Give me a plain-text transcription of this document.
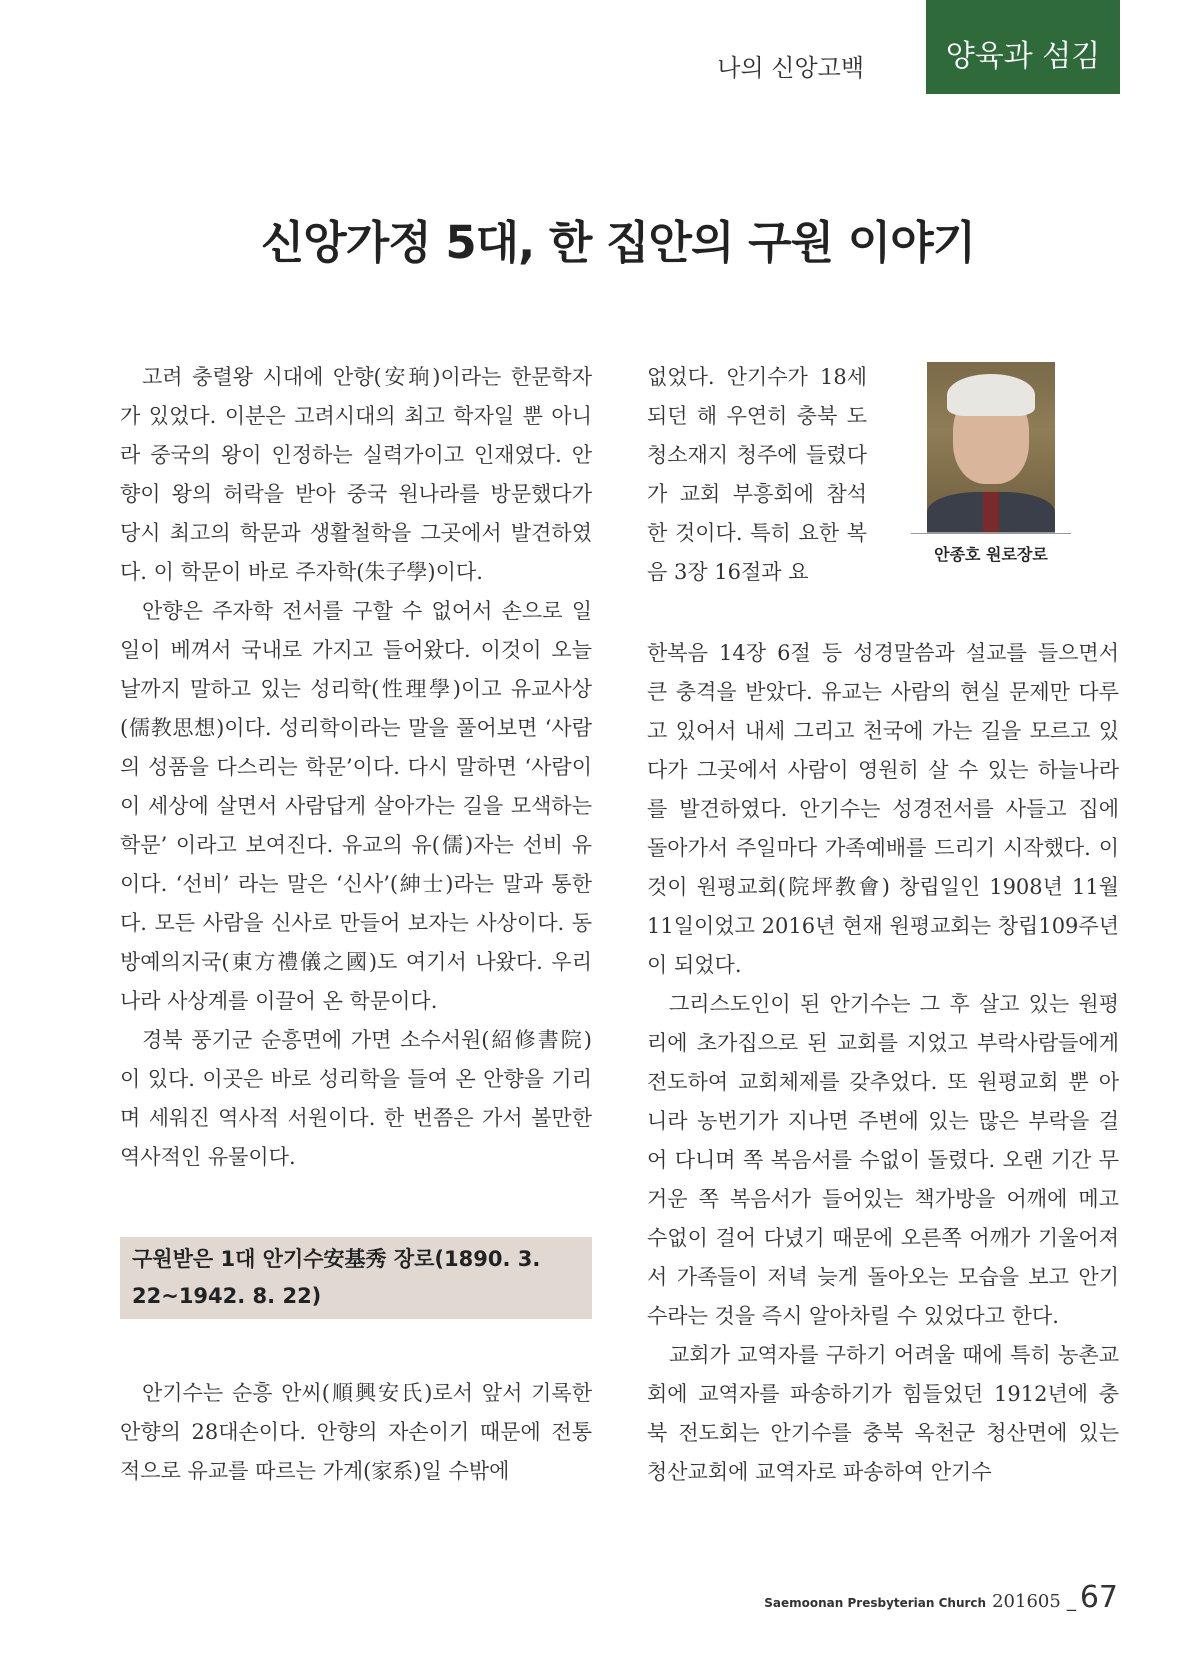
나의 신앙고백	양육과 섬김
신앙가정 5대, 한 집안의 구원 이야기

고려 충렬왕 시대에 안향(安珦)이라는 한문학자가 있었다. 이분은 고려시대의 최고 학자일 뿐 아니라 중국의 왕이 인정하는 실력가이고 인재였다. 안향이 왕의 허락을 받아 중국 원나라를 방문했다가 당시 최고의 학문과 생활철학을 그곳에서 발견하였다. 이 학문이 바로 주자학(朱子學)이다.

안향은 주자학 전서를 구할 수 없어서 손으로 일일이 베껴서 국내로 가지고 들어왔다. 이것이 오늘날까지 말하고 있는 성리학(性理學)이고 유교사상(儒教思想)이다. 성리학이라는 말을 풀어보면 ‘사람의 성품을 다스리는 학문’이다. 다시 말하면 ‘사람이 이 세상에 살면서 사람답게 살아가는 길을 모색하는 학문’ 이라고 보여진다. 유교의 유(儒)자는 선비 유이다. ‘선비’ 라는 말은 ‘신사’(紳士)라는 말과 통한다. 모든 사람을 신사로 만들어 보자는 사상이다. 동방예의지국(東方禮儀之國)도 여기서 나왔다. 우리나라 사상계를 이끌어 온 학문이다.

경북 풍기군 순흥면에 가면 소수서원(紹修書院)이 있다. 이곳은 바로 성리학을 들여 온 안향을 기리며 세워진 역사적 서원이다. 한 번쯤은 가서 볼만한 역사적인 유물이다.

구원받은 1대 안기수安基秀 장로(1890. 3. 22~1942. 8. 22)

안기수는 순흥 안씨(順興安氏)로서 앞서 기록한 안향의 28대손이다. 안향의 자손이기 때문에 전통적으로 유교를 따르는 가계(家系)일 수밖에

없었다. 안기수가 18세 되던 해 우연히 충북 도청소재지 청주에 들렸다가 교회 부흥회에 참석한 것이다. 특히 요한 복음 3장 16절과 요

안종호 원로장로

한복음 14장 6절 등 성경말씀과 설교를 들으면서 큰 충격을 받았다. 유교는 사람의 현실 문제만 다루고 있어서 내세 그리고 천국에 가는 길을 모르고 있다가 그곳에서 사람이 영원히 살 수 있는 하늘나라를 발견하였다. 안기수는 성경전서를 사들고 집에 돌아가서 주일마다 가족예배를 드리기 시작했다. 이것이 원평교회(院坪教會) 창립일인 1908년 11월 11일이었고 2016년 현재 원평교회는 창립109주년이 되었다.

그리스도인이 된 안기수는 그 후 살고 있는 원평리에 초가집으로 된 교회를 지었고 부락사람들에게 전도하여 교회체제를 갖추었다. 또 원평교회 뿐 아니라 농번기가 지나면 주변에 있는 많은 부락을 걸어 다니며 쪽 복음서를 수없이 돌렸다. 오랜 기간 무거운 쪽 복음서가 들어있는 책가방을 어깨에 메고 수없이 걸어 다녔기 때문에 오른쪽 어깨가 기울어져서 가족들이 저녁 늦게 돌아오는 모습을 보고 안기수라는 것을 즉시 알아차릴 수 있었다고 한다.

교회가 교역자를 구하기 어려울 때에 특히 농촌교회에 교역자를 파송하기가 힘들었던 1912년에 충북 전도회는 안기수를 충북 옥천군 청산면에 있는 청산교회에 교역자로 파송하여 안기수

Saemoonan Presbyterian Church 201605 _ 67
